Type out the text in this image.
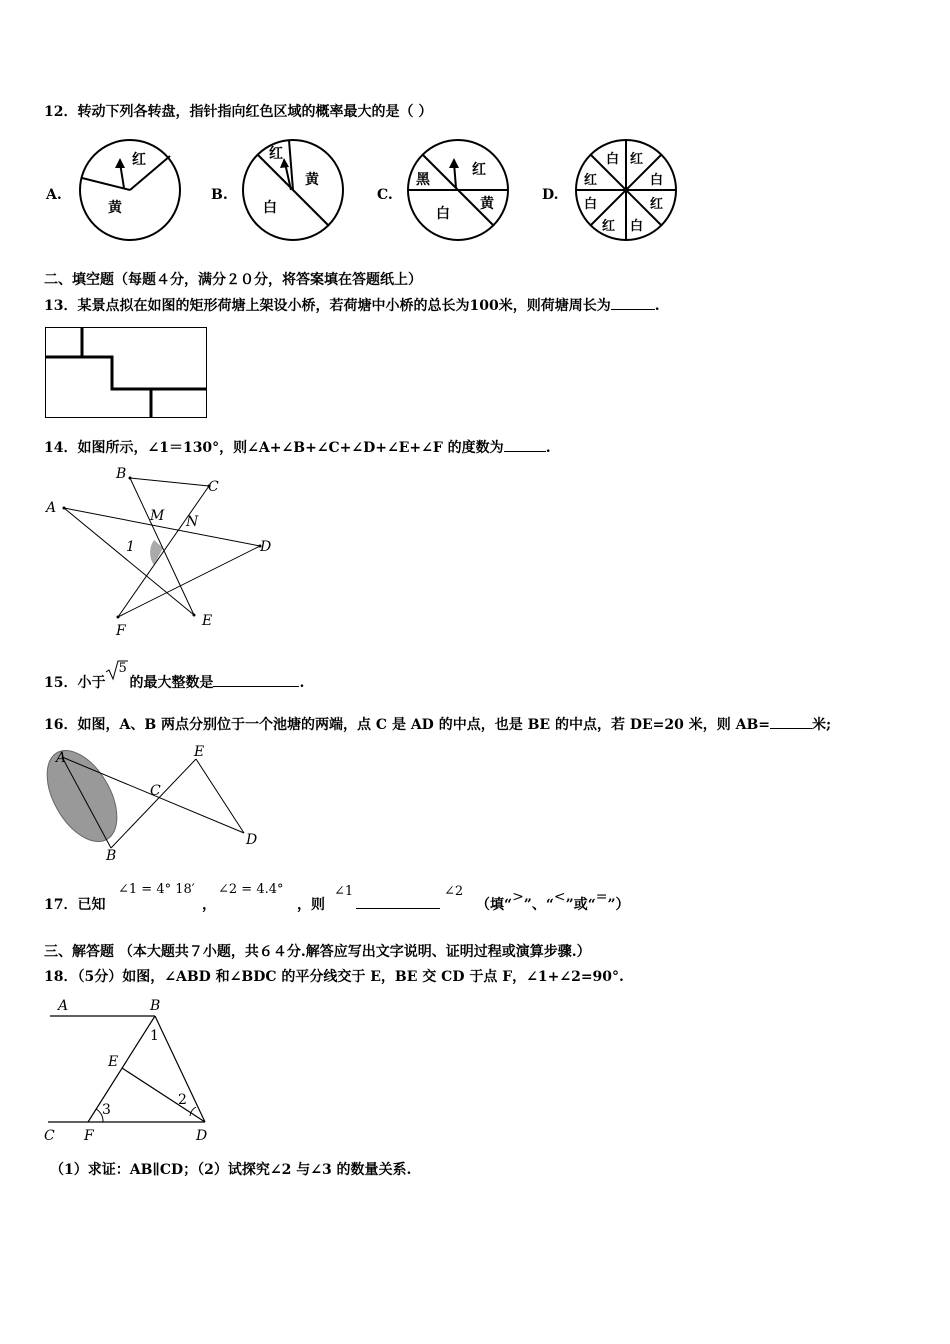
12．转动下列各转盘，指针指向红色区域的概率最大的是（ ）
A.
红
黄
B.
红
黄
白
C.
黑
红
黄
白
D.
白 红
白
红
白
红
白
红
二、填空题（每题４分，满分２０分，将答案填在答题纸上）
13．某景点拟在如图的矩形荷塘上架设小桥，若荷塘中小桥的总长为100米，则荷塘周长为	.
14．如图所示，∠1＝130°，则∠A+∠B+∠C+∠D+∠E+∠F 的度数为	.
A
B
C
D
E
F
M N
1
15．小于
5
的最大整数是	.
16．如图，A、B 两点分别位于一个池塘的两端，点 C 是 AD 的中点，也是 BE 的中点，若 DE=20 米，则 AB=	米;
A
B
C
D
E
17．已知
∠1 = 4° 18′
，
∠2 = 4.4°
，则
∠1	∠2
（填“>”、“<”或“=”）
三、解答题 （本大题共７小题，共６４分.解答应写出文字说明、证明过程或演算步骤.）
18．（5分）如图，∠ABD 和∠BDC 的平分线交于 E，BE 交 CD 于点 F，∠1+∠2=90°.
A	B
C	D
E
F
1
2
3
（1）求证：AB∥CD；（2）试探究∠2 与∠3 的数量关系.
